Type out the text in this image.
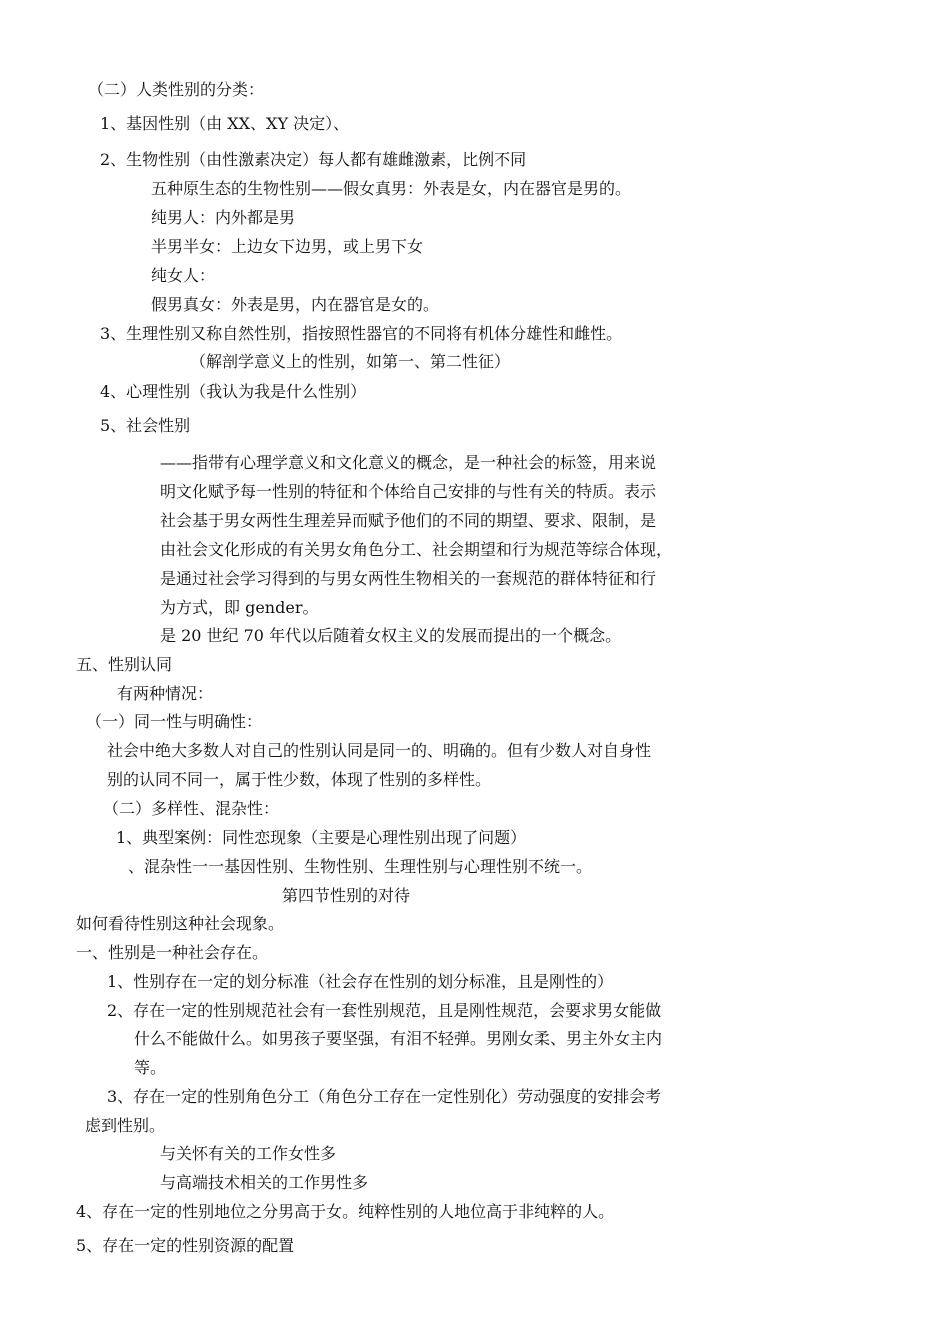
（二）人类性别的分类：
1、基因性别（由 XX、XY 决定）、
2、生物性别（由性激素决定）每人都有雄雌激素，比例不同
五种原生态的生物性别——假女真男：外表是女，内在器官是男的。
纯男人：内外都是男
半男半女：上边女下边男，或上男下女
纯女人：
假男真女：外表是男，内在器官是女的。
3、生理性别又称自然性别，指按照性器官的不同将有机体分雄性和雌性。
（解剖学意义上的性别，如第一、第二性征）
4、心理性别（我认为我是什么性别）
5、社会性别
——指带有心理学意义和文化意义的概念，是一种社会的标签，用来说
明文化赋予每一性别的特征和个体给自己安排的与性有关的特质。表示
社会基于男女两性生理差异而赋予他们的不同的期望、要求、限制，是
由社会文化形成的有关男女角色分工、社会期望和行为规范等综合体现，
是通过社会学习得到的与男女两性生物相关的一套规范的群体特征和行
为方式，即 gender。
是 20 世纪 70 年代以后随着女权主义的发展而提出的一个概念。
五、性别认同
有两种情况：
（一）同一性与明确性：
社会中绝大多数人对自己的性别认同是同一的、明确的。但有少数人对自身性
别的认同不同一，属于性少数，体现了性别的多样性。
（二）多样性、混杂性：
1、典型案例：同性恋现象（主要是心理性别出现了问题）
、混杂性一一基因性别、生物性别、生理性别与心理性别不统一。
第四节性别的对待
如何看待性别这种社会现象。
一、性别是一种社会存在。
1、性别存在一定的划分标准（社会存在性别的划分标准，且是刚性的）
2、存在一定的性别规范社会有一套性别规范，且是刚性规范，会要求男女能做
什么不能做什么。如男孩子要坚强，有泪不轻弹。男刚女柔、男主外女主内
等。
3、存在一定的性别角色分工（角色分工存在一定性别化）劳动强度的安排会考
虑到性别。
与关怀有关的工作女性多
与高端技术相关的工作男性多
4、存在一定的性别地位之分男高于女。纯粹性别的人地位高于非纯粹的人。
5、存在一定的性别资源的配置
